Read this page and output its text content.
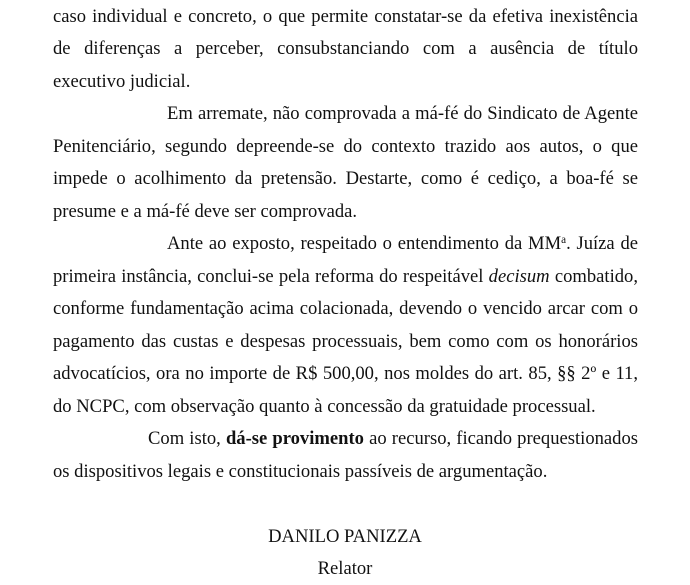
caso individual e concreto, o que permite constatar-se da efetiva inexistência
de diferenças a perceber, consubstanciando com a ausência de título
executivo judicial.
Em arremate, não comprovada a má-fé do Sindicato de Agente
Penitenciário, segundo depreende-se do contexto trazido aos autos, o que
impede o acolhimento da pretensão. Destarte, como é cediço, a boa-fé se
presume e a má-fé deve ser comprovada.
Ante ao exposto, respeitado o entendimento da $MM^a$. Juíza de
primeira instância, conclui-se pela reforma do respeitável decisum combatido,
conforme fundamentação acima colacionada, devendo o vencido arcar com o
pagamento das custas e despesas processuais, bem como com os honorários
advocatícios, ora no importe de R$ 500,00, nos moldes do art. 85, §§ 2º e 11,
do NCPC, com observação quanto à concessão da gratuidade processual.
Com isto, dá-se provimento ao recurso, ficando prequestionados
os dispositivos legais e constitucionais passíveis de argumentação.
DANILO PANIZZA
Relator
